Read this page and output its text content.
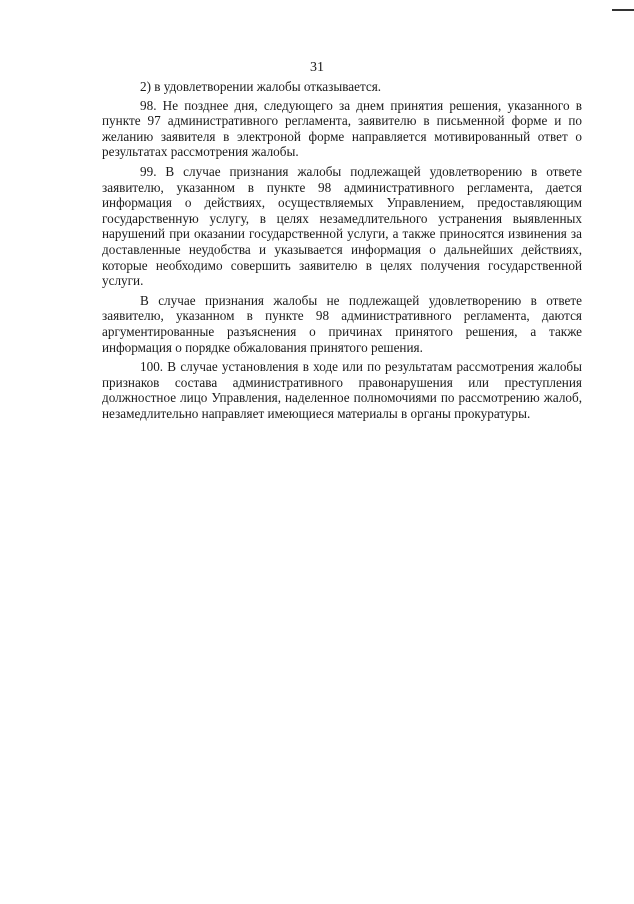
31

2) в удовлетворении жалобы отказывается.

98. Не позднее дня, следующего за днем принятия решения, указанного в пункте 97 административного регламента, заявителю в письменной форме и по желанию заявителя в электроной форме направляется мотивированный ответ о результатах рассмотрения жалобы.

99. В случае признания жалобы подлежащей удовлетворению в ответе заявителю, указанном в пункте 98 административного регламента, дается информация о действиях, осуществляемых Управлением, предоставляющим государственную услугу, в целях незамедлительного устранения выявленных нарушений при оказании государственной услуги, а также приносятся извинения за доставленные неудобства и указывается информация о дальнейших действиях, которые необходимо совершить заявителю в целях получения государственной услуги.

В случае признания жалобы не подлежащей удовлетворению в ответе заявителю, указанном в пункте 98 административного регламента, даются аргументированные разъяснения о причинах принятого решения, а также информация о порядке обжалования принятого решения.

100. В случае установления в ходе или по результатам рассмотрения жалобы признаков состава административного правонарушения или преступления должностное лицо Управления, наделенное полномочиями по рассмотрению жалоб, незамедлительно направляет имеющиеся материалы в органы прокуратуры.
